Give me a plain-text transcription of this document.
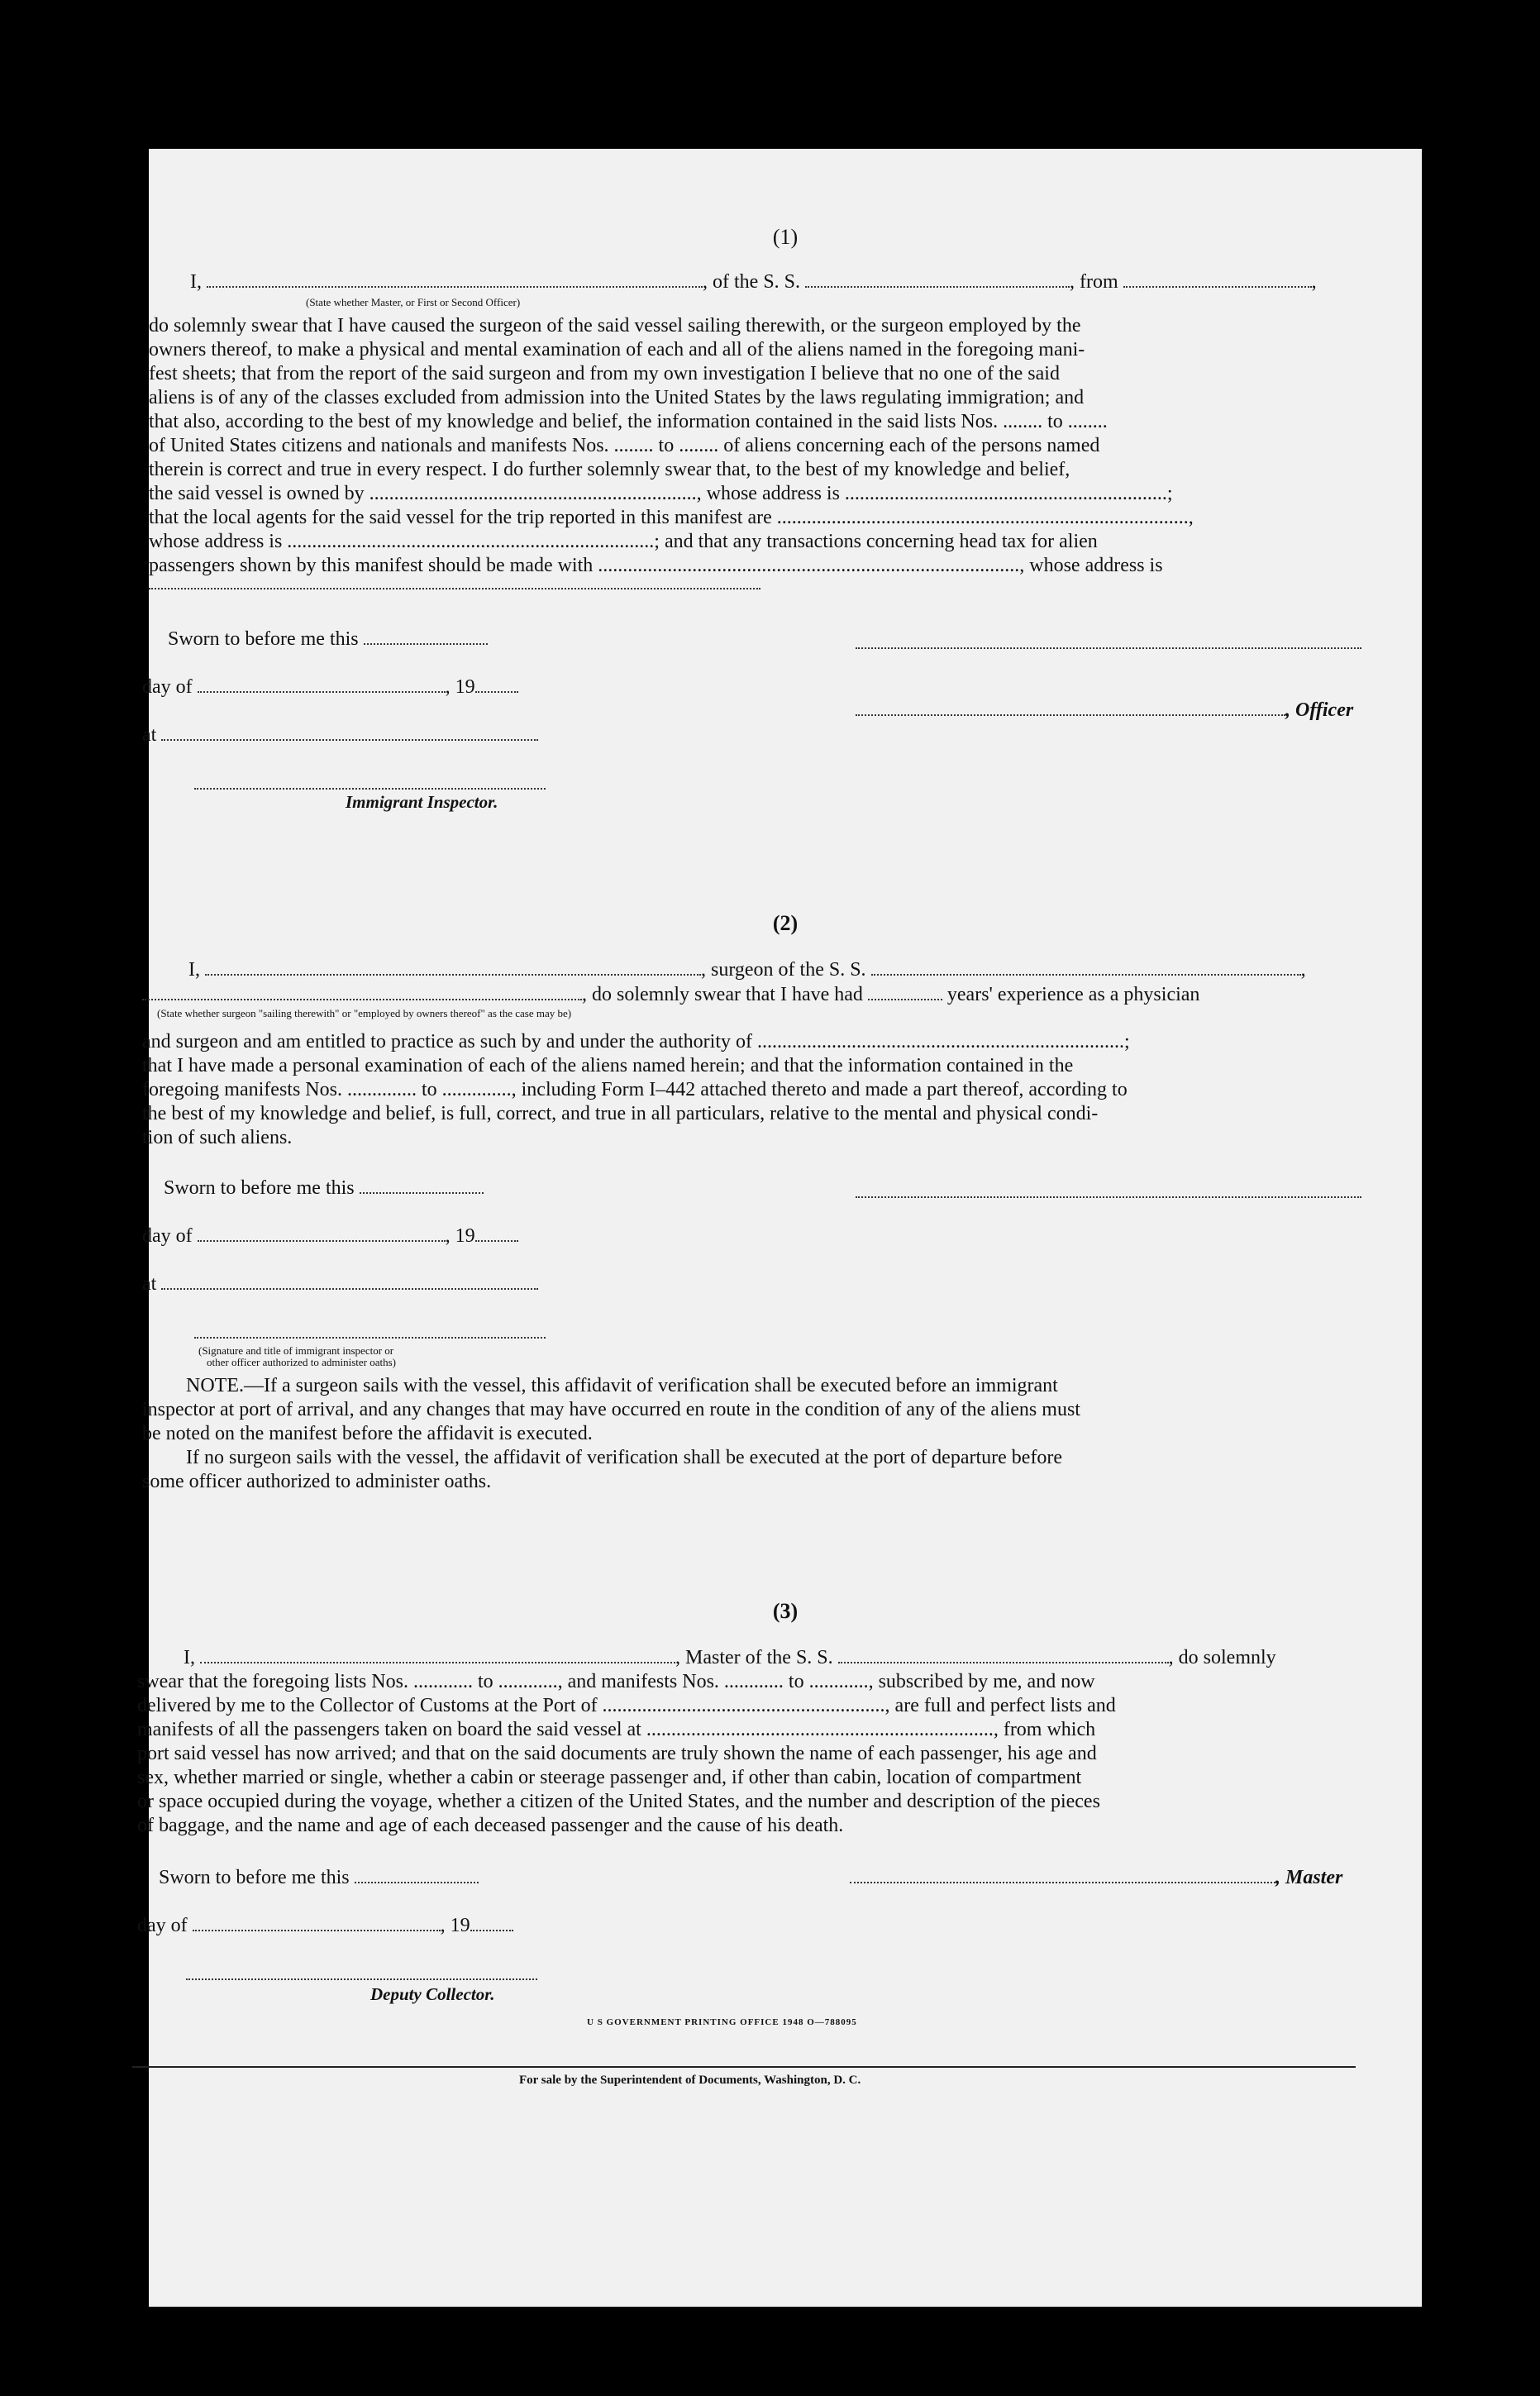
(1)
I,	, of the S. S.	, from	,
(State whether Master, or First or Second Officer)
do solemnly swear that I have caused the surgeon of the said vessel sailing therewith, or the surgeon employed by the
owners thereof, to make a physical and mental examination of each and all of the aliens named in the foregoing mani-
fest sheets; that from the report of the said surgeon and from my own investigation I believe that no one of the said
aliens is of any of the classes excluded from admission into the United States by the laws regulating immigration; and
that also, according to the best of my knowledge and belief, the information contained in the said lists Nos. ........ to ........
of United States citizens and nationals and manifests Nos. ........ to ........ of aliens concerning each of the persons named
therein is correct and true in every respect. I do further solemnly swear that, to the best of my knowledge and belief,
the said vessel is owned by .................................................................., whose address is .................................................................;
that the local agents for the said vessel for the trip reported in this manifest are ...................................................................................,
whose address is ..........................................................................; and that any transactions concerning head tax for alien
passengers shown by this manifest should be made with ....................................................................................., whose address is
Sworn to before me this
day of	, 19
, Officer
at
Immigrant Inspector.
(2)
I,	, surgeon of the S. S.	,
, do solemnly swear that I have had	years' experience as a physician
(State whether surgeon "sailing therewith" or "employed by owners thereof" as the case may be)
and surgeon and am entitled to practice as such by and under the authority of ..........................................................................;
that I have made a personal examination of each of the aliens named herein; and that the information contained in the
foregoing manifests Nos. .............. to .............., including Form I–442 attached thereto and made a part thereof, according to
the best of my knowledge and belief, is full, correct, and true in all particulars, relative to the mental and physical condi-
tion of such aliens.
Sworn to before me this
day of	, 19
at
(Signature and title of immigrant inspector or
other officer authorized to administer oaths)
NOTE.—If a surgeon sails with the vessel, this affidavit of verification shall be executed before an immigrant
inspector at port of arrival, and any changes that may have occurred en route in the condition of any of the aliens must
be noted on the manifest before the affidavit is executed.
If no surgeon sails with the vessel, the affidavit of verification shall be executed at the port of departure before
some officer authorized to administer oaths.
(3)
I,	, Master of the S. S.	, do solemnly
swear that the foregoing lists Nos. ............ to ............, and manifests Nos. ............ to ............, subscribed by me, and now
delivered by me to the Collector of Customs at the Port of ........................................................., are full and perfect lists and
manifests of all the passengers taken on board the said vessel at ......................................................................, from which
port said vessel has now arrived; and that on the said documents are truly shown the name of each passenger, his age and
sex, whether married or single, whether a cabin or steerage passenger and, if other than cabin, location of compartment
or space occupied during the voyage, whether a citizen of the United States, and the number and description of the pieces
of baggage, and the name and age of each deceased passenger and the cause of his death.
Sworn to before me this	, Master
day of	, 19
Deputy Collector.
U S GOVERNMENT PRINTING OFFICE 1948 O—788095
For sale by the Superintendent of Documents, Washington, D. C.
